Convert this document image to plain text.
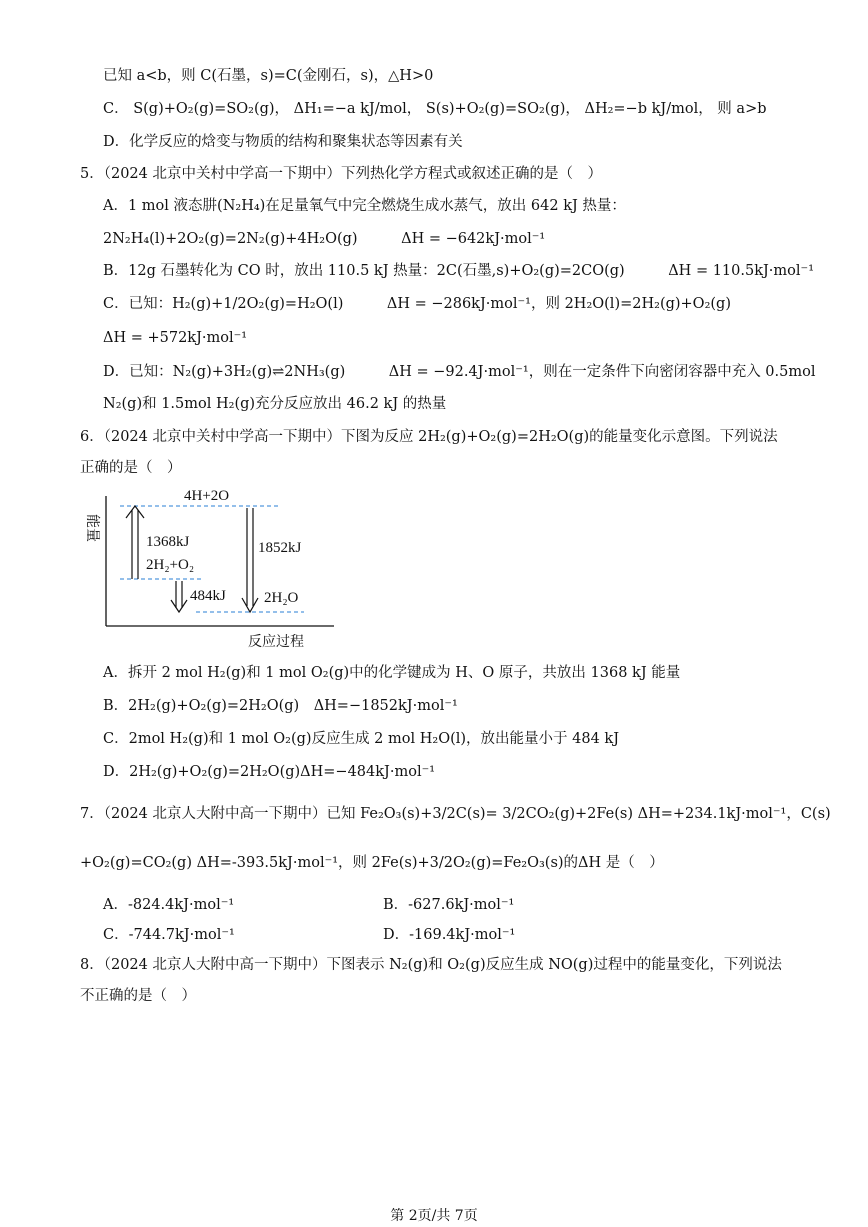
已知 a<b，则 C(石墨，s)=C(金刚石，s)，△H>0
C． S(g)+O₂(g)=SO₂(g)， ΔH₁=−a kJ/mol， S(s)+O₂(g)=SO₂(g)， ΔH₂=−b kJ/mol， 则 a>b
D．化学反应的焓变与物质的结构和聚集状态等因素有关
5．（2024 北京中关村中学高一下期中）下列热化学方程式或叙述正确的是（　）
A．1 mol 液态肼(N₂H₄)在足量氧气中完全燃烧生成水蒸气，放出 642 kJ 热量：
2N₂H₄(l)+2O₂(g)=2N₂(g)+4H₂O(g)　　　ΔH = −642kJ·mol⁻¹
B．12g 石墨转化为 CO 时，放出 110.5 kJ 热量：2C(石墨,s)+O₂(g)=2CO(g)　　　ΔH = 110.5kJ·mol⁻¹
C．已知：H₂(g)+1/2O₂(g)=H₂O(l)　　　ΔH = −286kJ·mol⁻¹，则 2H₂O(l)=2H₂(g)+O₂(g)
ΔH = +572kJ·mol⁻¹
D．已知：N₂(g)+3H₂(g)⇌2NH₃(g)　　　ΔH = −92.4J·mol⁻¹，则在一定条件下向密闭容器中充入 0.5mol
N₂(g)和 1.5mol H₂(g)充分反应放出 46.2 kJ 的热量
6．（2024 北京中关村中学高一下期中）下图为反应 2H₂(g)+O₂(g)=2H₂O(g)的能量变化示意图。下列说法
正确的是（　）
4H+2O
1368kJ
2H₂+O₂
484kJ
1852kJ
2H₂O
反应过程
能量
A．拆开 2 mol H₂(g)和 1 mol O₂(g)中的化学键成为 H、O 原子，共放出 1368 kJ 能量
B．2H₂(g)+O₂(g)=2H₂O(g)　ΔH=−1852kJ·mol⁻¹
C．2mol H₂(g)和 1 mol O₂(g)反应生成 2 mol H₂O(l)，放出能量小于 484 kJ
D．2H₂(g)+O₂(g)=2H₂O(g)ΔH=−484kJ·mol⁻¹
7．（2024 北京人大附中高一下期中）已知 Fe₂O₃(s)+3/2C(s)= 3/2CO₂(g)+2Fe(s) ΔH=+234.1kJ·mol⁻¹，C(s)
+O₂(g)=CO₂(g) ΔH=-393.5kJ·mol⁻¹，则 2Fe(s)+3/2O₂(g)=Fe₂O₃(s)的ΔH 是（　）
A．-824.4kJ·mol⁻¹	B．-627.6kJ·mol⁻¹
C．-744.7kJ·mol⁻¹	D．-169.4kJ·mol⁻¹
8．（2024 北京人大附中高一下期中）下图表示 N₂(g)和 O₂(g)反应生成 NO(g)过程中的能量变化，下列说法
不正确的是（　）
第 2页/共 7页
